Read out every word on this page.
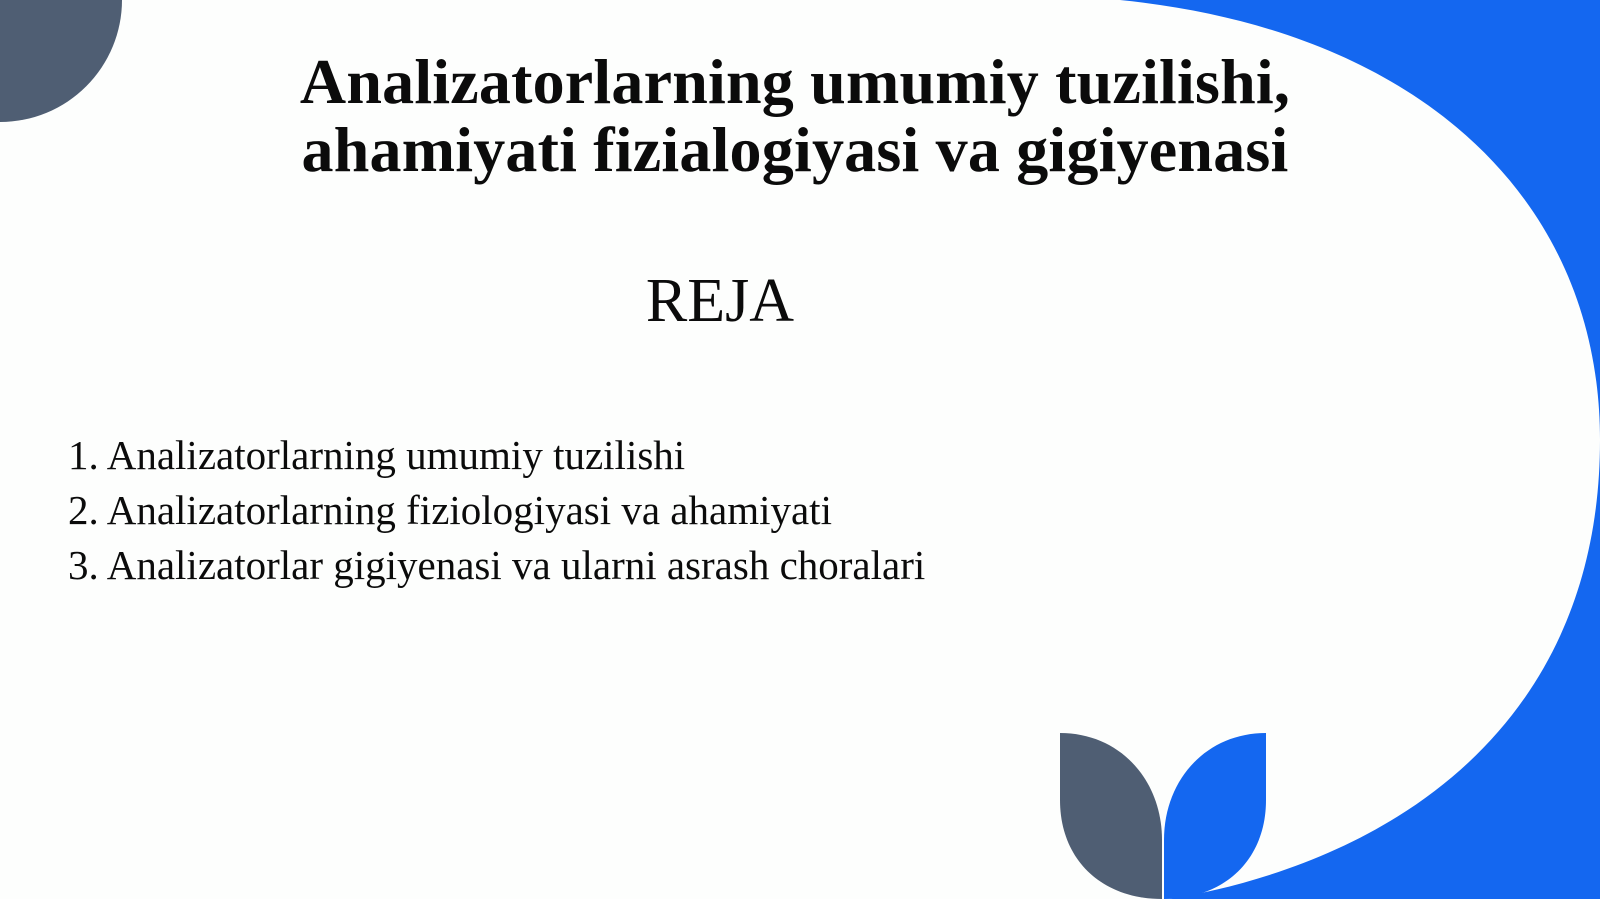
Analizatorlarning umumiy tuzilishi,
ahamiyati fizialogiyasi va gigiyenasi
REJA
1. Analizatorlarning umumiy tuzilishi
2. Analizatorlarning fiziologiyasi va ahamiyati
3. Analizatorlar gigiyenasi va ularni asrash choralari
